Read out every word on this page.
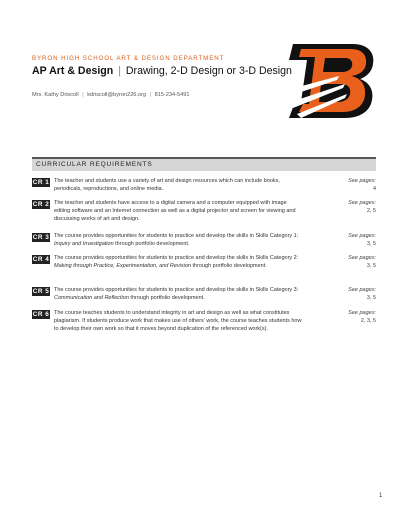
BYRON HIGH SCHOOL ART & DESIGN DEPARTMENT
AP Art & Design | Drawing, 2-D Design or 3-D Design
Mrs. Kathy Driscoll | kdriscoll@byron226.org | 815-234-5491
CURRICULAR REQUIREMENTS
CR 1 The teacher and students use a variety of art and design resources which can include books, periodicals, reproductions, and online media.
See pages:
4
CR 2 The teacher and students have access to a digital camera and a computer equipped with image editing software and an Internet connection as well as a digital projector and screen for viewing and discussing works of art and design.
See pages:
2, 5
CR 3 The course provides opportunities for students to practice and develop the skills in Skills Category 1: Inquiry and Investigation through portfolio development.
See pages:
3, 5
CR 4 The course provides opportunities for students to practice and develop the skills in Skills Category 2: Making through Practice, Experimentation, and Revision through portfolio development.
See pages:
3, 5
CR 5 The course provides opportunities for students to practice and develop the skills in Skills Category 3: Communication and Reflection through portfolio development.
See pages:
3, 5
CR 6 The course teaches students to understand integrity in art and design as well as what constitutes plagiarism. If students produce work that makes use of others' work, the course teaches students how to develop their own work so that it moves beyond duplication of the referenced work(s).
See pages:
2, 3, 5
1
